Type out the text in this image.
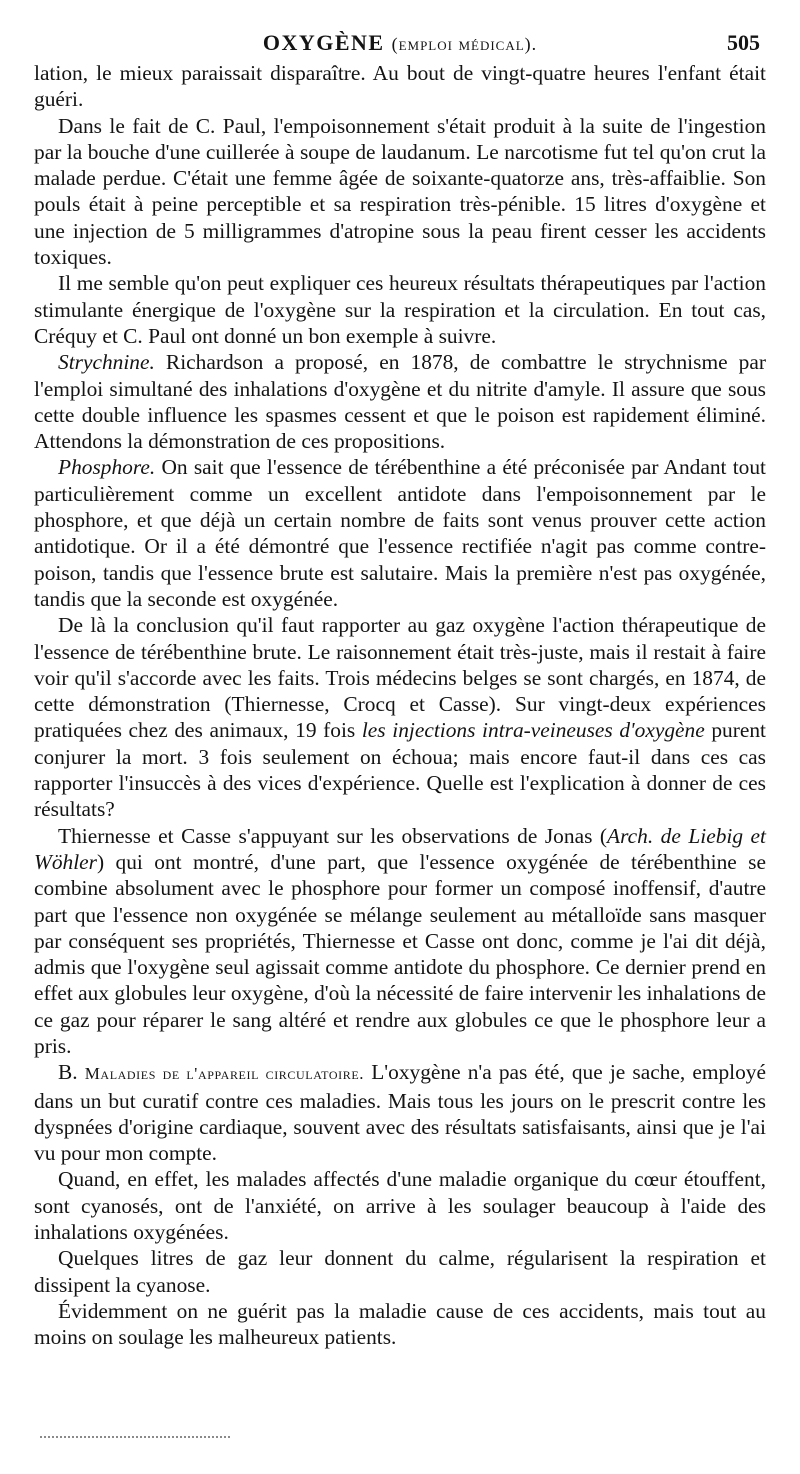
OXYGÈNE (emploi médical).	505

lation, le mieux paraissait disparaître. Au bout de vingt-quatre heures l'enfant était guéri.

Dans le fait de C. Paul, l'empoisonnement s'était produit à la suite de l'ingestion par la bouche d'une cuillerée à soupe de laudanum. Le narcotisme fut tel qu'on crut la malade perdue. C'était une femme âgée de soixante-quatorze ans, très-affaiblie. Son pouls était à peine perceptible et sa respiration très-pénible. 15 litres d'oxygène et une injection de 5 milligrammes d'atropine sous la peau firent cesser les accidents toxiques.

Il me semble qu'on peut expliquer ces heureux résultats thérapeutiques par l'action stimulante énergique de l'oxygène sur la respiration et la circulation. En tout cas, Créquy et C. Paul ont donné un bon exemple à suivre.

Strychnine. Richardson a proposé, en 1878, de combattre le strychnisme par l'emploi simultané des inhalations d'oxygène et du nitrite d'amyle. Il assure que sous cette double influence les spasmes cessent et que le poison est rapidement éliminé. Attendons la démonstration de ces propositions.

Phosphore. On sait que l'essence de térébenthine a été préconisée par Andant tout particulièrement comme un excellent antidote dans l'empoisonnement par le phosphore, et que déjà un certain nombre de faits sont venus prouver cette action antidotique. Or il a été démontré que l'essence rectifiée n'agit pas comme contre-poison, tandis que l'essence brute est salutaire. Mais la première n'est pas oxygénée, tandis que la seconde est oxygénée.

De là la conclusion qu'il faut rapporter au gaz oxygène l'action thérapeutique de l'essence de térébenthine brute. Le raisonnement était très-juste, mais il restait à faire voir qu'il s'accorde avec les faits. Trois médecins belges se sont chargés, en 1874, de cette démonstration (Thiernesse, Crocq et Casse). Sur vingt-deux expériences pratiquées chez des animaux, 19 fois les injections intra-veineuses d'oxygène purent conjurer la mort. 3 fois seulement on échoua; mais encore faut-il dans ces cas rapporter l'insuccès à des vices d'expérience. Quelle est l'explication à donner de ces résultats?

Thiernesse et Casse s'appuyant sur les observations de Jonas (Arch. de Liebig et Wöhler) qui ont montré, d'une part, que l'essence oxygénée de térébenthine se combine absolument avec le phosphore pour former un composé inoffensif, d'autre part que l'essence non oxygénée se mélange seulement au métalloïde sans masquer par conséquent ses propriétés, Thiernesse et Casse ont donc, comme je l'ai dit déjà, admis que l'oxygène seul agissait comme antidote du phosphore. Ce dernier prend en effet aux globules leur oxygène, d'où la nécessité de faire intervenir les inhalations de ce gaz pour réparer le sang altéré et rendre aux globules ce que le phosphore leur a pris.

B. Maladies de l'appareil circulatoire. L'oxygène n'a pas été, que je sache, employé dans un but curatif contre ces maladies. Mais tous les jours on le prescrit contre les dyspnées d'origine cardiaque, souvent avec des résultats satisfaisants, ainsi que je l'ai vu pour mon compte.

Quand, en effet, les malades affectés d'une maladie organique du cœur étouffent, sont cyanosés, ont de l'anxiété, on arrive à les soulager beaucoup à l'aide des inhalations oxygénées.

Quelques litres de gaz leur donnent du calme, régularisent la respiration et dissipent la cyanose.

Évidemment on ne guérit pas la maladie cause de ces accidents, mais tout au moins on soulage les malheureux patients.
